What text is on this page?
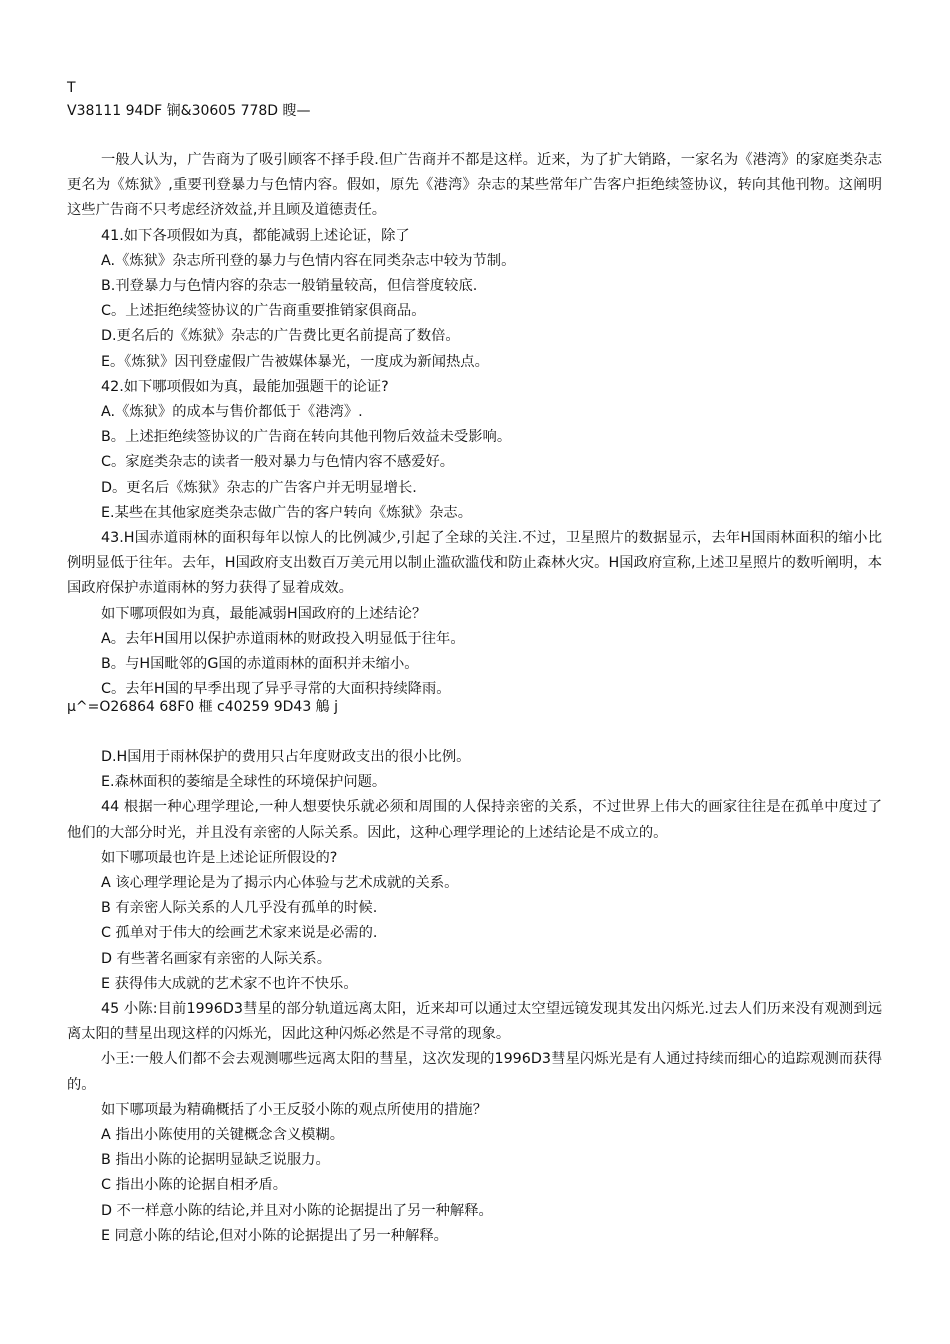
T
V38111 94DF 锎&30605 778D 瞍—

一般人认为，广告商为了吸引顾客不择手段.但广告商并不都是这样。近来，为了扩大销路，一家名为《港湾》的家庭类杂志更名为《炼狱》,重要刊登暴力与色情内容。假如，原先《港湾》杂志的某些常年广告客户拒绝续签协议，转向其他刊物。这阐明这些广告商不只考虑经济效益,并且顾及道德责任。

41.如下各项假如为真，都能减弱上述论证，除了

A.《炼狱》杂志所刊登的暴力与色情内容在同类杂志中较为节制。

B.刊登暴力与色情内容的杂志一般销量较高，但信誉度较底.

C。上述拒绝续签协议的广告商重要推销家俱商品。

D.更名后的《炼狱》杂志的广告费比更名前提高了数倍。

E。《炼狱》因刊登虚假广告被媒体暴光，一度成为新闻热点。

42.如下哪项假如为真，最能加强题干的论证?

A.《炼狱》的成本与售价都低于《港湾》.

B。上述拒绝续签协议的广告商在转向其他刊物后效益未受影响。

C。家庭类杂志的读者一般对暴力与色情内容不感爱好。

D。更名后《炼狱》杂志的广告客户并无明显增长.

E.某些在其他家庭类杂志做广告的客户转向《炼狱》杂志。

43.H国赤道雨林的面积每年以惊人的比例减少,引起了全球的关注.不过，卫星照片的数据显示，去年H国雨林面积的缩小比例明显低于往年。去年，H国政府支出数百万美元用以制止滥砍滥伐和防止森林火灾。H国政府宣称,上述卫星照片的数听阐明，本国政府保护赤道雨林的努力获得了显着成效。

如下哪项假如为真，最能减弱H国政府的上述结论？

A。去年H国用以保护赤道雨林的财政投入明显低于往年。

B。与H国毗邻的G国的赤道雨林的面积并未缩小。

C。去年H国的早季出现了异乎寻常的大面积持续降雨。

μ^=O26864 68F0 榧 c40259 9D43 鵤 j

D.H国用于雨林保护的费用只占年度财政支出的很小比例。

E.森林面积的萎缩是全球性的环境保护问题。

44 根据一种心理学理论,一种人想要快乐就必须和周围的人保持亲密的关系，不过世界上伟大的画家往往是在孤单中度过了他们的大部分时光，并且没有亲密的人际关系。因此，这种心理学理论的上述结论是不成立的。

如下哪项最也许是上述论证所假设的?

A 该心理学理论是为了揭示内心体验与艺术成就的关系。

B 有亲密人际关系的人几乎没有孤单的时候.

C 孤单对于伟大的绘画艺术家来说是必需的.

D 有些著名画家有亲密的人际关系。

E 获得伟大成就的艺术家不也许不快乐。

45 小陈:目前1996D3彗星的部分轨道远离太阳，近来却可以通过太空望远镜发现其发出闪烁光.过去人们历来没有观测到远离太阳的彗星出现这样的闪烁光，因此这种闪烁必然是不寻常的现象。

小王:一般人们都不会去观测哪些远离太阳的彗星，这次发现的1996D3彗星闪烁光是有人通过持续而细心的追踪观测而获得的。

如下哪项最为精确概括了小王反驳小陈的观点所使用的措施？

A 指出小陈使用的关键概念含义模糊。

B 指出小陈的论据明显缺乏说服力。

C 指出小陈的论据自相矛盾。

D 不一样意小陈的结论,并且对小陈的论据提出了另一种解释。

E 同意小陈的结论,但对小陈的论据提出了另一种解释。
